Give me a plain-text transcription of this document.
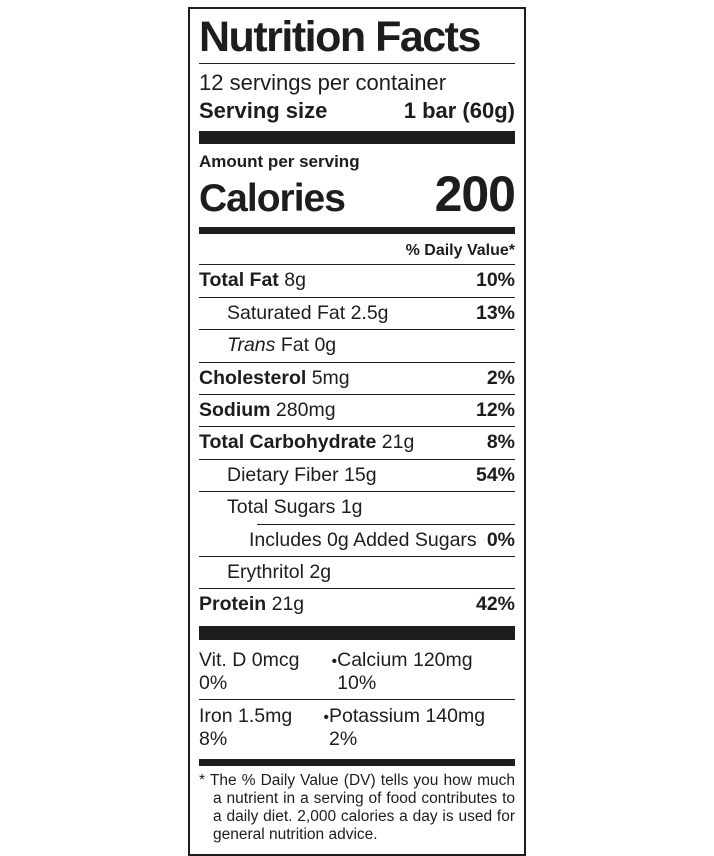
Nutrition Facts
12 servings per container
Serving size	1 bar (60g)
Amount per serving
Calories 200
% Daily Value*
Total Fat 8g	10%
Saturated Fat 2.5g	13%
Trans Fat 0g
Cholesterol 5mg	2%
Sodium 280mg	12%
Total Carbohydrate 21g	8%
Dietary Fiber 15g	54%
Total Sugars 1g
Includes 0g Added Sugars 0%
Erythritol 2g
Protein 21g	42%
Vit. D 0mcg 0%
• Calcium 120mg 10%
Iron 1.5mg 8%
• Potassium 140mg 2%
* The % Daily Value (DV) tells you how much a nutrient in a serving of food contributes to a daily diet. 2,000 calories a day is used for general nutrition advice.
